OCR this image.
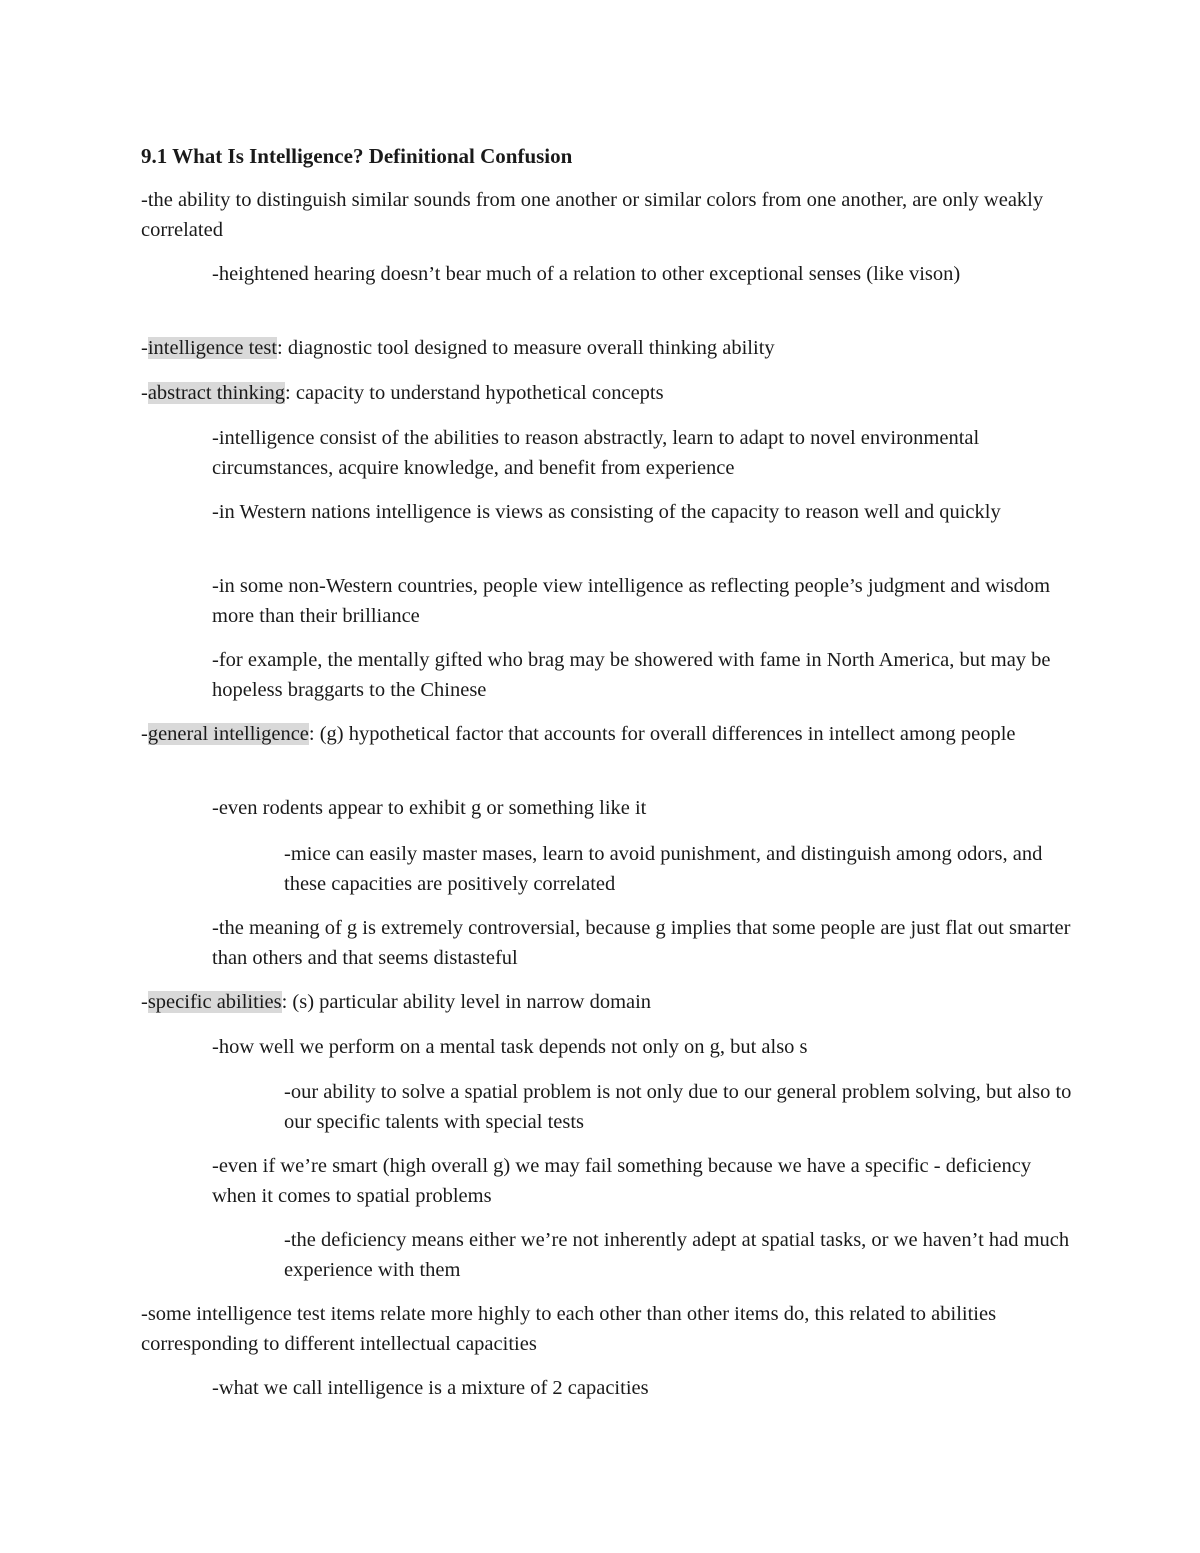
9.1 What Is Intelligence? Definitional Confusion

-the ability to distinguish similar sounds from one another or similar colors from one another, are only weakly correlated

-heightened hearing doesn’t bear much of a relation to other exceptional senses (like vison)

-intelligence test: diagnostic tool designed to measure overall thinking ability

-abstract thinking: capacity to understand hypothetical concepts

-intelligence consist of the abilities to reason abstractly, learn to adapt to novel environmental circumstances, acquire knowledge, and benefit from experience

-in Western nations intelligence is views as consisting of the capacity to reason well and quickly

-in some non-Western countries, people view intelligence as reflecting people’s judgment and wisdom more than their brilliance

-for example, the mentally gifted who brag may be showered with fame in North America, but may be hopeless braggarts to the Chinese

-general intelligence: (g) hypothetical factor that accounts for overall differences in intellect among people

-even rodents appear to exhibit g or something like it

-mice can easily master mases, learn to avoid punishment, and distinguish among odors, and these capacities are positively correlated

-the meaning of g is extremely controversial, because g implies that some people are just flat out smarter than others and that seems distasteful

-specific abilities: (s) particular ability level in narrow domain

-how well we perform on a mental task depends not only on g, but also s

-our ability to solve a spatial problem is not only due to our general problem solving, but also to our specific talents with special tests

-even if we’re smart (high overall g) we may fail something because we have a specific - deficiency when it comes to spatial problems

-the deficiency means either we’re not inherently adept at spatial tasks, or we haven’t had much experience with them

-some intelligence test items relate more highly to each other than other items do, this related to abilities corresponding to different intellectual capacities

-what we call intelligence is a mixture of 2 capacities
